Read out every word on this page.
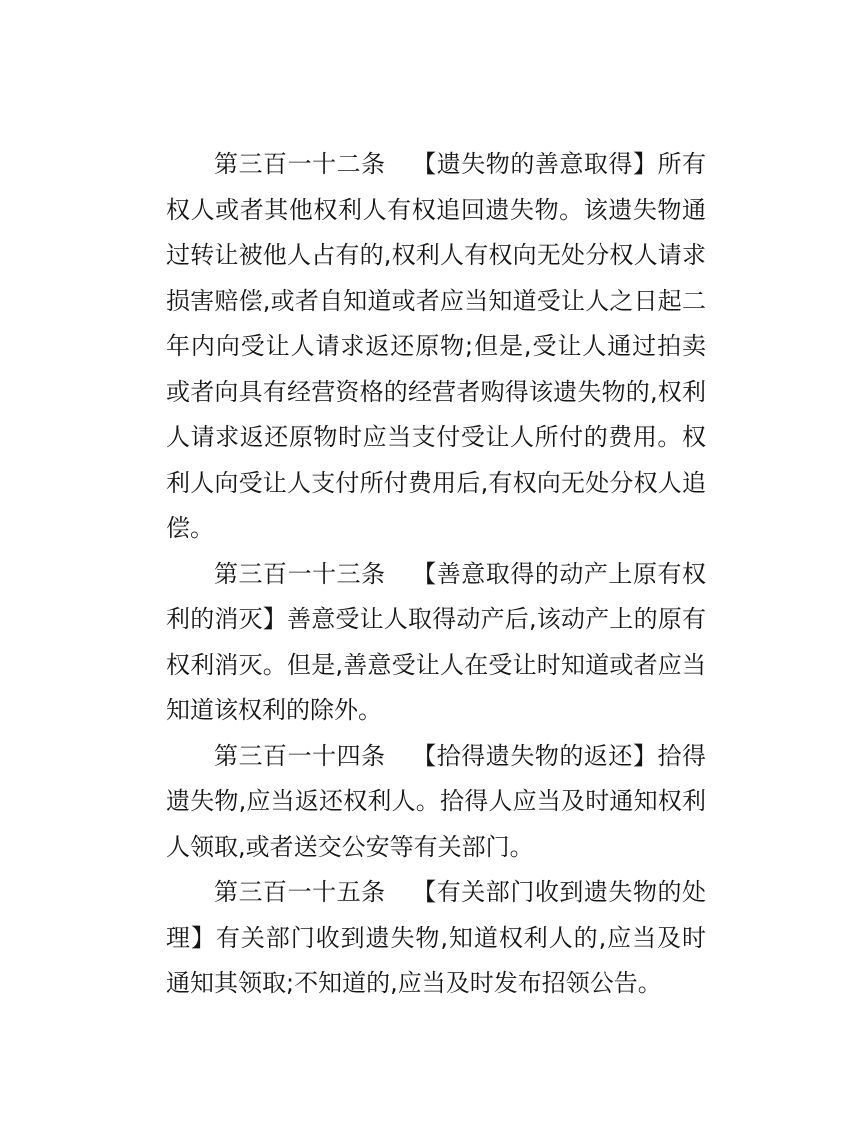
第三百一十二条 【遗失物的善意取得】所有权人或者其他权利人有权追回遗失物。该遗失物通过转让被他人占有的,权利人有权向无处分权人请求损害赔偿,或者自知道或者应当知道受让人之日起二年内向受让人请求返还原物;但是,受让人通过拍卖或者向具有经营资格的经营者购得该遗失物的,权利人请求返还原物时应当支付受让人所付的费用。权利人向受让人支付所付费用后,有权向无处分权人追偿。

第三百一十三条 【善意取得的动产上原有权利的消灭】善意受让人取得动产后,该动产上的原有权利消灭。但是,善意受让人在受让时知道或者应当知道该权利的除外。

第三百一十四条 【拾得遗失物的返还】拾得遗失物,应当返还权利人。拾得人应当及时通知权利人领取,或者送交公安等有关部门。

第三百一十五条 【有关部门收到遗失物的处理】有关部门收到遗失物,知道权利人的,应当及时通知其领取;不知道的,应当及时发布招领公告。
